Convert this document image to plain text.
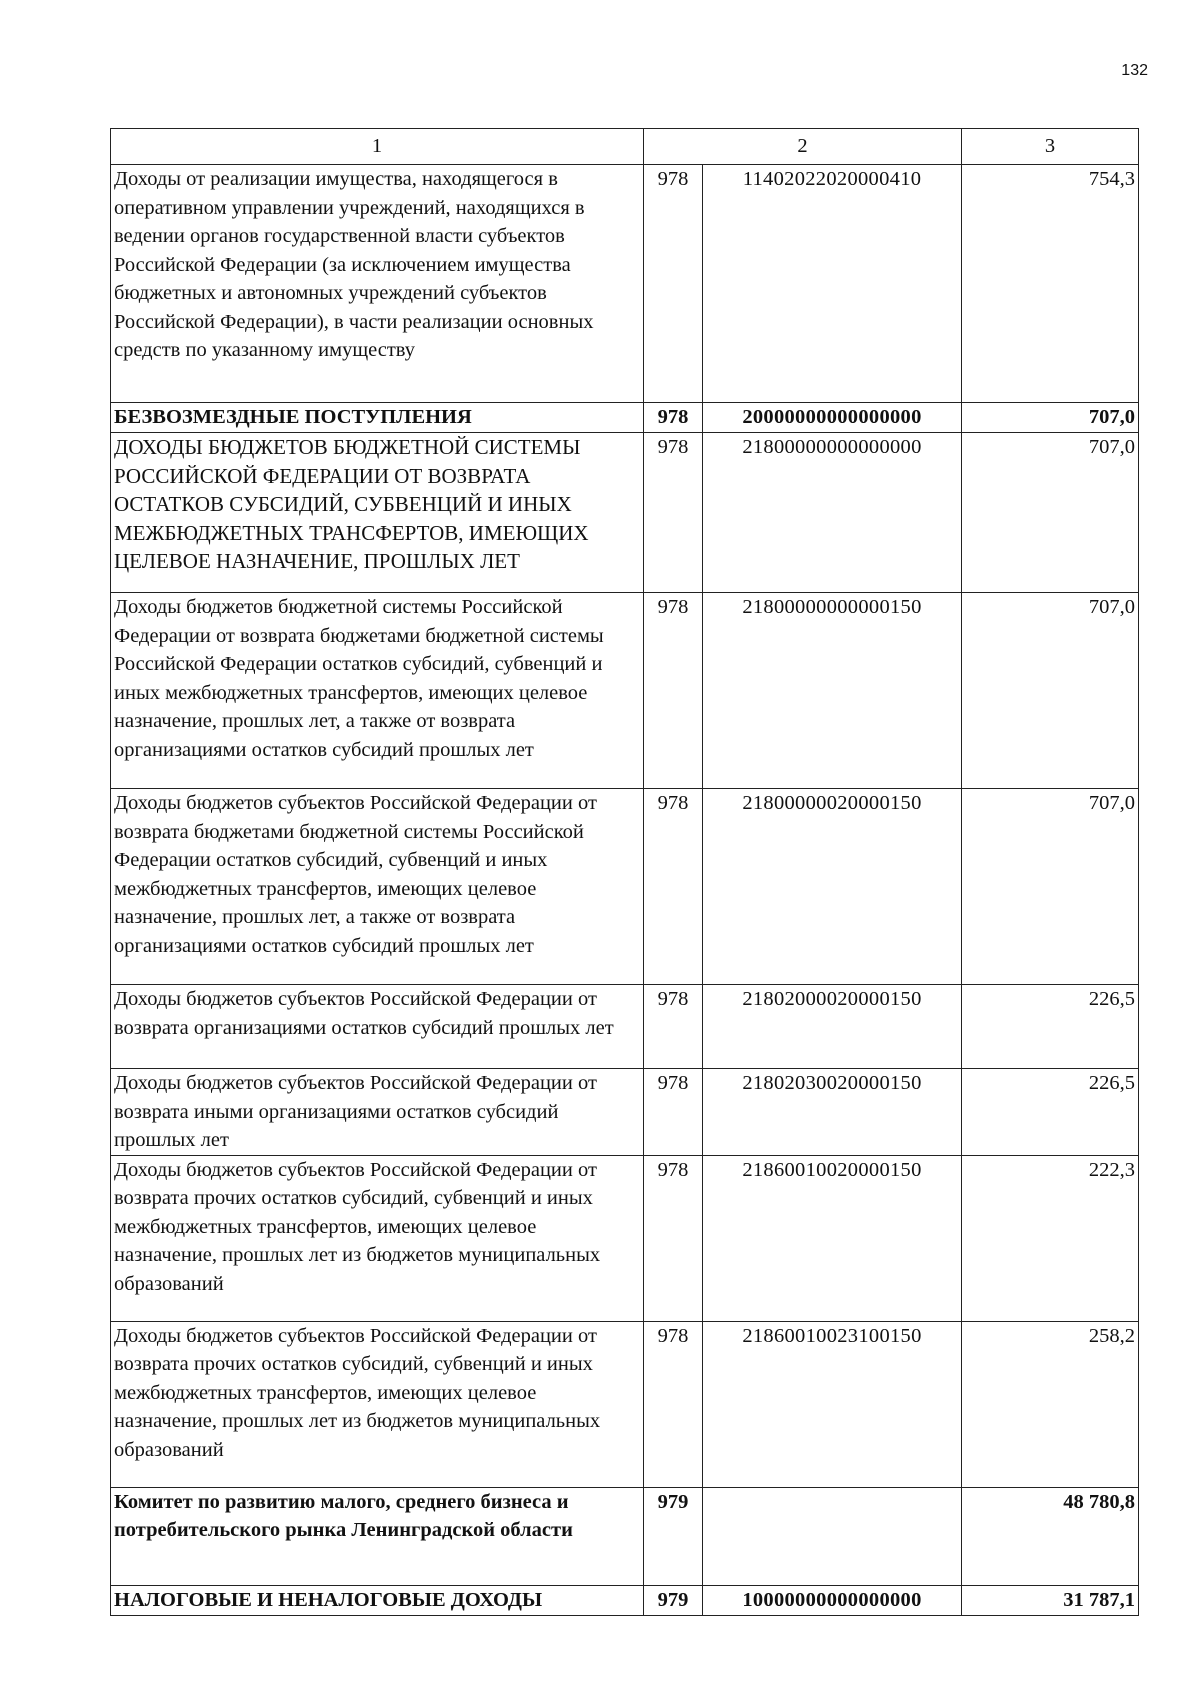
132
1	2		3
Доходы от реализации имущества, находящегося в оперативном управлении учреждений, находящихся в ведении органов государственной власти субъектов Российской Федерации (за исключением имущества бюджетных и автономных учреждений субъектов Российской Федерации), в части реализации основных средств по указанному имуществу	978	11402022020000410	754,3
БЕЗВОЗМЕЗДНЫЕ ПОСТУПЛЕНИЯ	978	20000000000000000	707,0
ДОХОДЫ БЮДЖЕТОВ БЮДЖЕТНОЙ СИСТЕМЫ РОССИЙСКОЙ ФЕДЕРАЦИИ ОТ ВОЗВРАТА ОСТАТКОВ СУБСИДИЙ, СУБВЕНЦИЙ И ИНЫХ МЕЖБЮДЖЕТНЫХ ТРАНСФЕРТОВ, ИМЕЮЩИХ ЦЕЛЕВОЕ НАЗНАЧЕНИЕ, ПРОШЛЫХ ЛЕТ	978	21800000000000000	707,0
Доходы бюджетов бюджетной системы Российской Федерации от возврата бюджетами бюджетной системы Российской Федерации остатков субсидий, субвенций и иных межбюджетных трансфертов, имеющих целевое назначение, прошлых лет, а также от возврата организациями остатков субсидий прошлых лет	978	21800000000000150	707,0
Доходы бюджетов субъектов Российской Федерации от возврата бюджетами бюджетной системы Российской Федерации остатков субсидий, субвенций и иных межбюджетных трансфертов, имеющих целевое назначение, прошлых лет, а также от возврата организациями остатков субсидий прошлых лет	978	21800000020000150	707,0
Доходы бюджетов субъектов Российской Федерации от возврата организациями остатков субсидий прошлых лет	978	21802000020000150	226,5
Доходы бюджетов субъектов Российской Федерации от возврата иными организациями остатков субсидий прошлых лет	978	21802030020000150	226,5
Доходы бюджетов субъектов Российской Федерации от возврата прочих остатков субсидий, субвенций и иных межбюджетных трансфертов, имеющих целевое назначение, прошлых лет из бюджетов муниципальных образований	978	21860010020000150	222,3
Доходы бюджетов субъектов Российской Федерации от возврата прочих остатков субсидий, субвенций и иных межбюджетных трансфертов, имеющих целевое назначение, прошлых лет из бюджетов муниципальных образований	978	21860010023100150	258,2
Комитет по развитию малого, среднего бизнеса и потребительского рынка Ленинградской области	979		48 780,8
НАЛОГОВЫЕ И НЕНАЛОГОВЫЕ ДОХОДЫ	979	10000000000000000	31 787,1
